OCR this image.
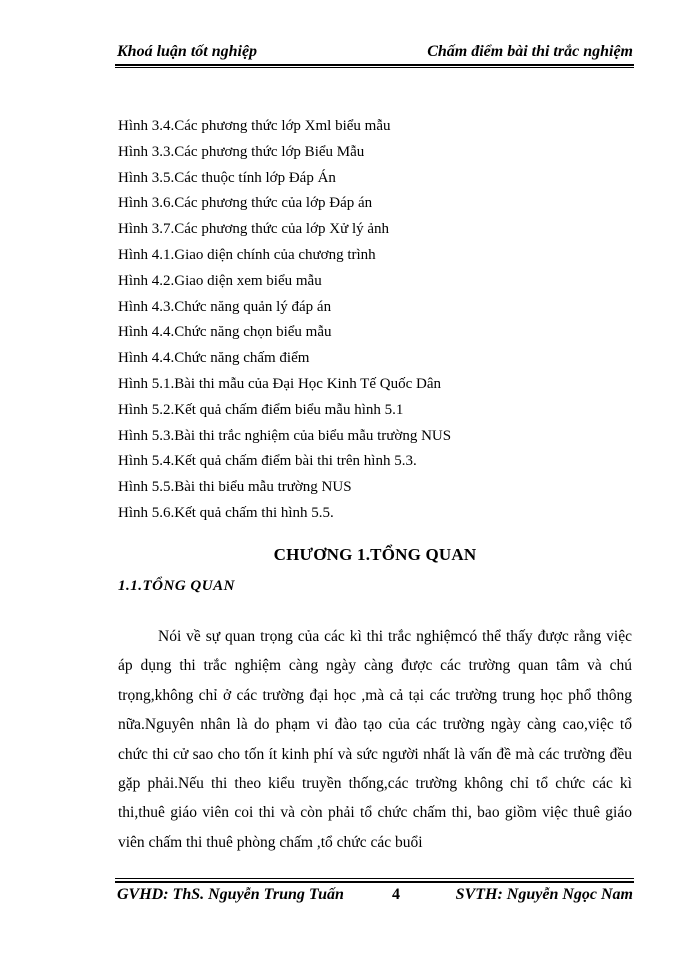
Khoá luận tốt nghiệp	Chấm điểm bài thi trắc nghiệm
Hình 3.4.Các phương thức lớp Xml biểu mẫu
Hình 3.3.Các phương thức lớp Biểu Mẫu
Hình 3.5.Các thuộc tính lớp Đáp Án
Hình 3.6.Các phương thức của lớp Đáp án
Hình 3.7.Các phương thức của lớp Xử lý ảnh
Hình 4.1.Giao diện chính của chương trình
Hình 4.2.Giao diện xem biểu mẫu
Hình 4.3.Chức năng quản lý đáp án
Hình 4.4.Chức năng chọn biểu mẫu
Hình 4.4.Chức năng chấm điểm
Hình 5.1.Bài thi mẫu của Đại Học Kinh Tế Quốc Dân
Hình 5.2.Kết quả chấm điểm biểu mẫu hình 5.1
Hình 5.3.Bài thi trắc nghiệm của biểu mẫu trường NUS
Hình 5.4.Kết quả chấm điểm bài thi trên hình 5.3.
Hình 5.5.Bài thi biểu mẫu trường NUS
Hình 5.6.Kết quả chấm thi hình 5.5.
CHƯƠNG 1.TỔNG QUAN
1.1.TỔNG QUAN

Nói về sự quan trọng của các kì thi trắc nghiệmcó thể thấy được rằng việc áp dụng thi trắc nghiệm càng ngày càng được các trường quan tâm và chú trọng,không chỉ ở các trường đại học ,mà cả tại các trường trung học phổ thông nữa.Nguyên nhân là do phạm vi đào tạo của các trường ngày càng cao,việc tổ chức thi cử sao cho tốn ít kinh phí và sức người nhất là vấn đề mà các trường đều gặp phải.Nếu thi theo kiểu truyền thống,các trường không chỉ tổ chức các kì thi,thuê giáo viên coi thi và còn phải tổ chức chấm thi, bao giồm việc thuê giáo viên chấm thi thuê phòng chấm ,tổ chức các buổi

GVHD: ThS. Nguyễn Trung Tuấn	4	SVTH: Nguyễn Ngọc Nam
